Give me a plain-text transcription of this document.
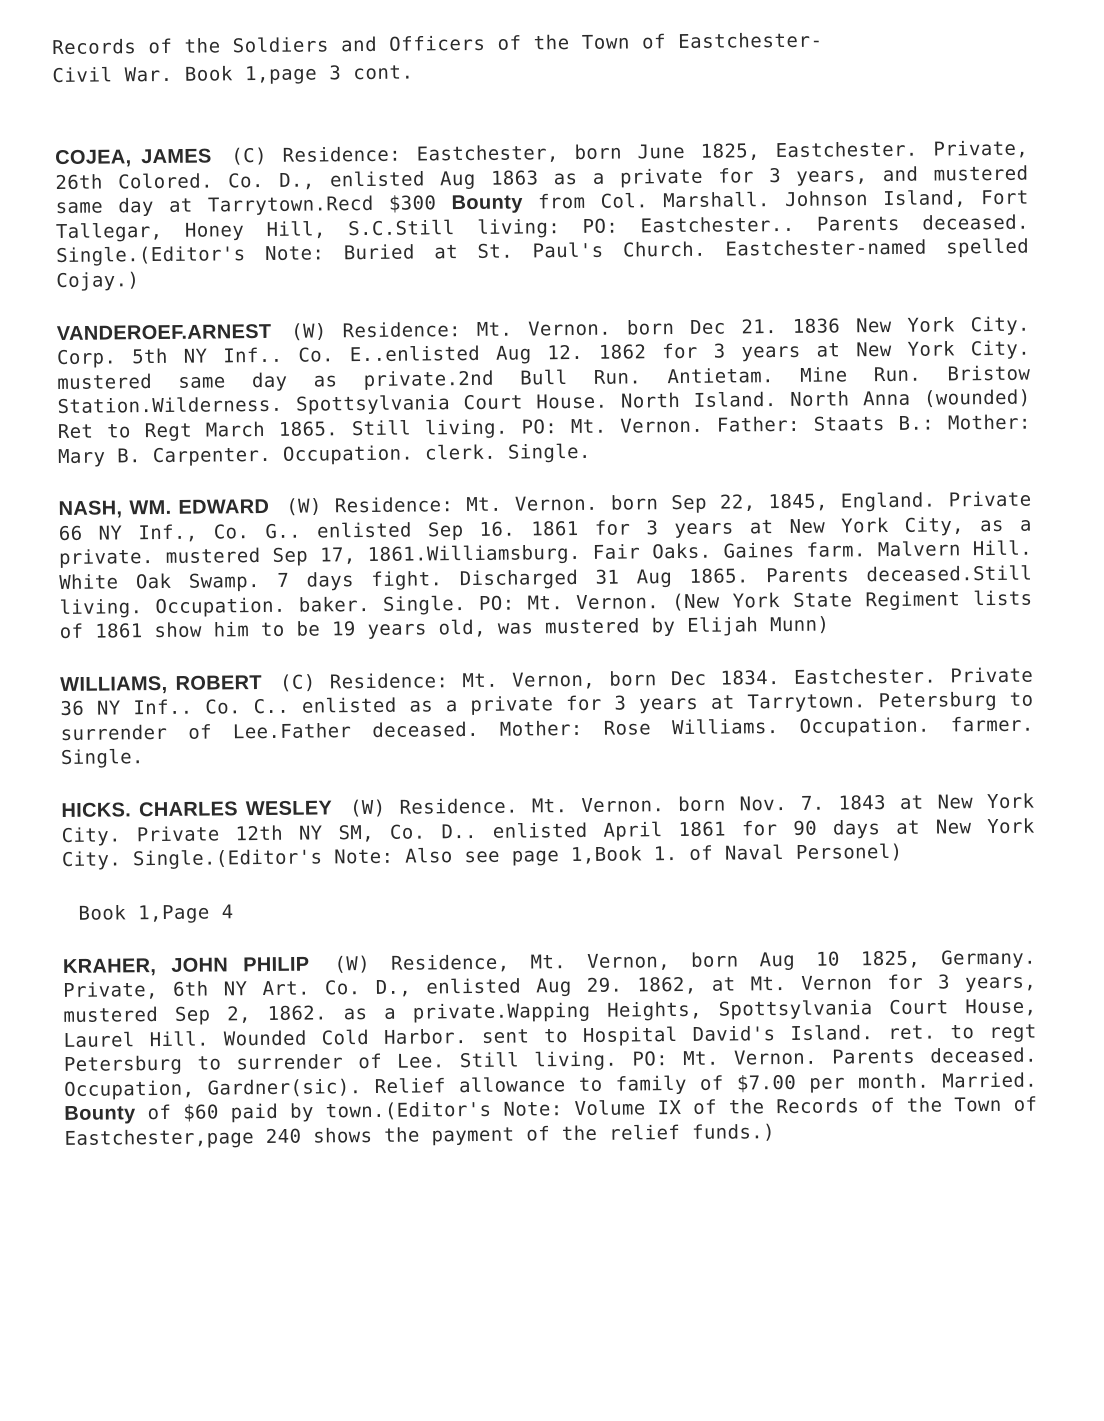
Records of the Soldiers and Officers of the Town of Eastchester-
Civil War. Book 1,page 3 cont.

COJEA, JAMES (C) Residence: Eastchester, born June 1825, Eastchester. Private, 26th Colored. Co. D., enlisted Aug 1863 as a private for 3 years, and mustered same day at Tarrytown.Recd $300 Bounty from Col. Marshall. Johnson Island, Fort Tallegar, Honey Hill, S.C.Still living: PO: Eastchester.. Parents deceased. Single.(Editor's Note: Buried at St. Paul's Church. Eastchester-named spelled Cojay.)

VANDEROEF.ARNEST (W) Residence: Mt. Vernon. born Dec 21. 1836 New York City. Corp. 5th NY Inf.. Co. E..enlisted Aug 12. 1862 for 3 years at New York City. mustered same day as private.2nd Bull Run. Antietam. Mine Run. Bristow Station.Wilderness. Spottsylvania Court House. North Island. North Anna (wounded) Ret to Regt March 1865. Still living. PO: Mt. Vernon. Father: Staats B.: Mother: Mary B. Carpenter. Occupation. clerk. Single.

NASH, WM. EDWARD (W) Residence: Mt. Vernon. born Sep 22, 1845, England. Private 66 NY Inf., Co. G.. enlisted Sep 16. 1861 for 3 years at New York City, as a private. mustered Sep 17, 1861.Williamsburg. Fair Oaks. Gaines farm. Malvern Hill. White Oak Swamp. 7 days fight. Discharged 31 Aug 1865. Parents deceased.Still living. Occupation. baker. Single. PO: Mt. Vernon. (New York State Regiment lists of 1861 show him to be 19 years old, was mustered by Elijah Munn)

WILLIAMS, ROBERT (C) Residence: Mt. Vernon, born Dec 1834. Eastchester. Private 36 NY Inf.. Co. C.. enlisted as a private for 3 years at Tarrytown. Petersburg to surrender of Lee.Father deceased. Mother: Rose Williams. Occupation. farmer. Single.

HICKS. CHARLES WESLEY (W) Residence. Mt. Vernon. born Nov. 7. 1843 at New York City. Private 12th NY SM, Co. D.. enlisted April 1861 for 90 days at New York City. Single.(Editor's Note: Also see page 1,Book 1. of Naval Personel)

Book 1,Page 4

KRAHER, JOHN PHILIP (W) Residence, Mt. Vernon, born Aug 10 1825, Germany. Private, 6th NY Art. Co. D., enlisted Aug 29. 1862, at Mt. Vernon for 3 years, mustered Sep 2, 1862. as a private.Wapping Heights, Spottsylvania Court House, Laurel Hill. Wounded Cold Harbor. sent to Hospital David's Island. ret. to regt Petersburg to surrender of Lee. Still living. PO: Mt. Vernon. Parents deceased. Occupation, Gardner(sic). Relief allowance to family of $7.00 per month. Married. Bounty of $60 paid by town.(Editor's Note: Volume IX of the Records of the Town of Eastchester,page 240 shows the payment of the relief funds.)
